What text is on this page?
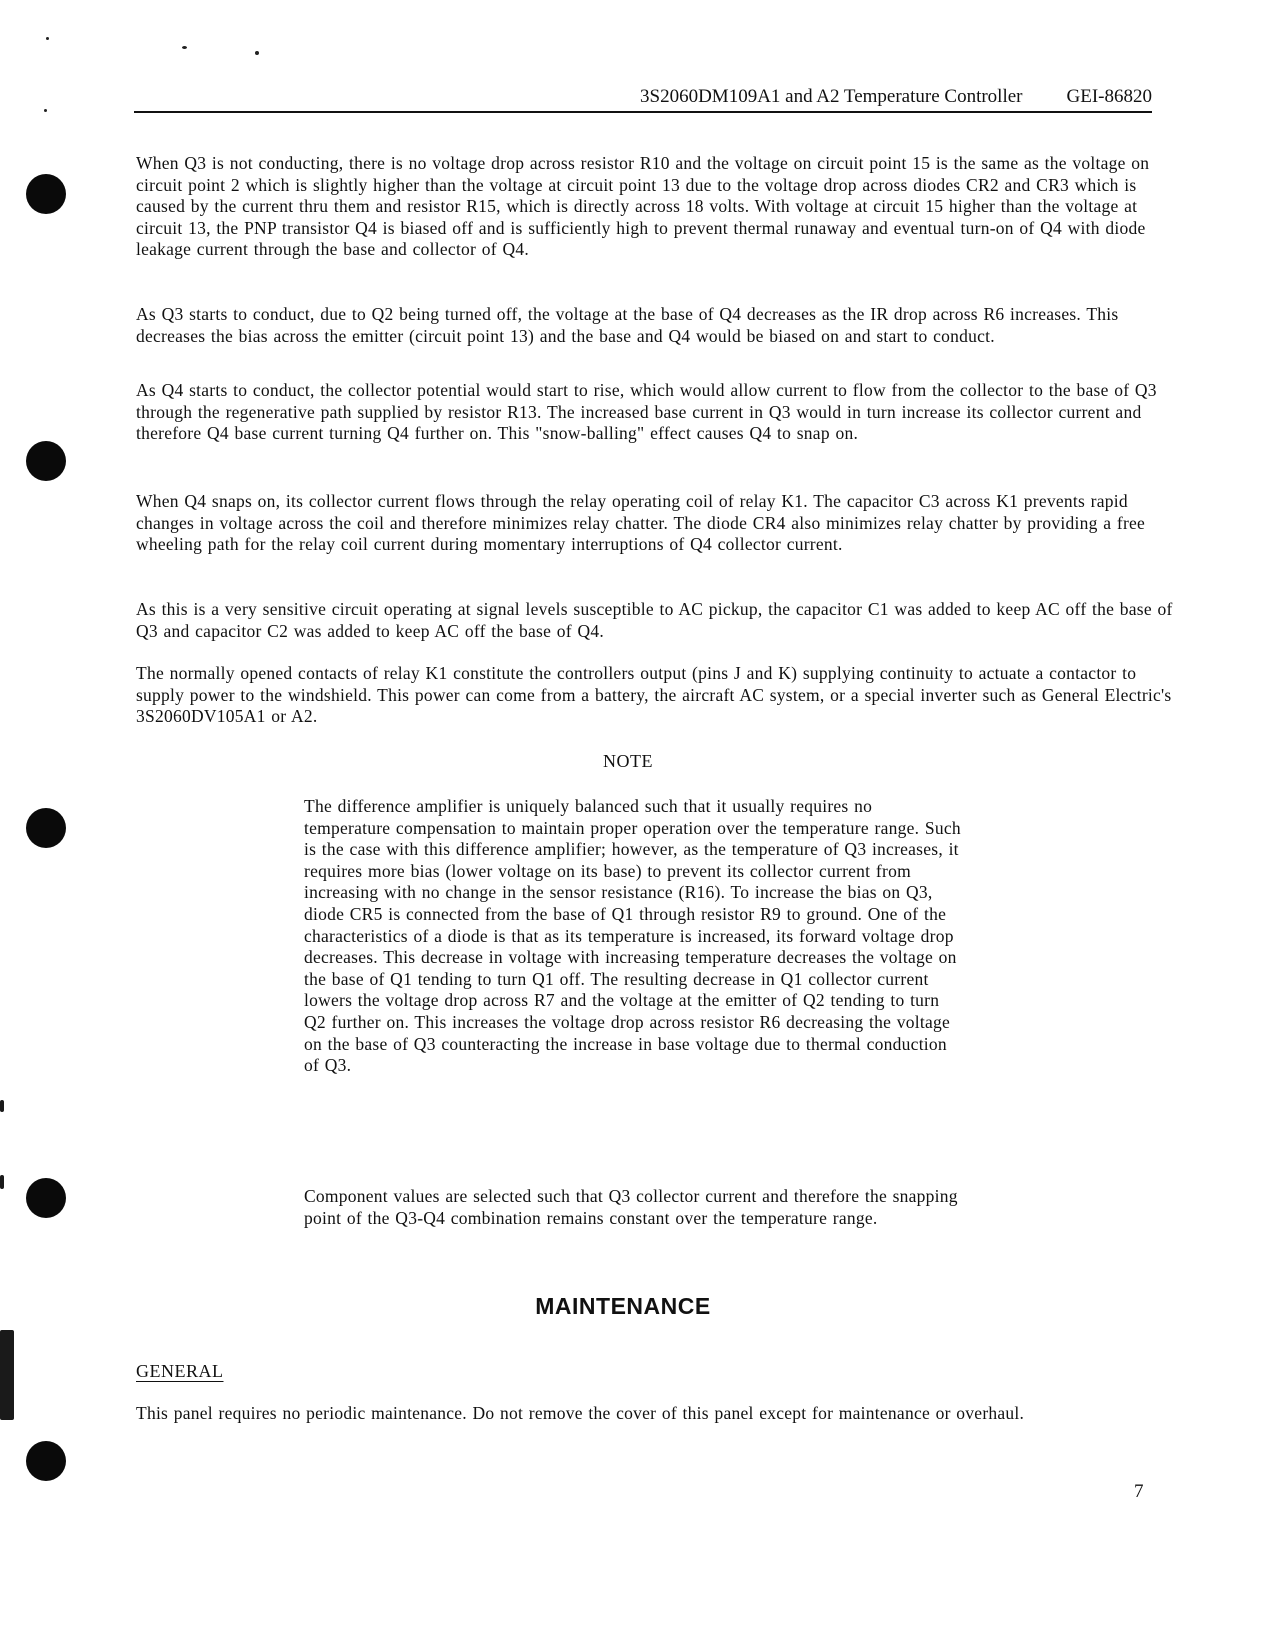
3S2060DM109A1 and A2 Temperature Controller GEI-86820

When Q3 is not conducting, there is no voltage drop across resistor R10 and the voltage on circuit point 15 is the same as the voltage on circuit point 2 which is slightly higher than the voltage at circuit point 13 due to the voltage drop across diodes CR2 and CR3 which is caused by the current thru them and resistor R15, which is directly across 18 volts. With voltage at circuit 15 higher than the voltage at circuit 13, the PNP transistor Q4 is biased off and is sufficiently high to prevent thermal runaway and eventual turn-on of Q4 with diode leakage current through the base and collector of Q4.

As Q3 starts to conduct, due to Q2 being turned off, the voltage at the base of Q4 decreases as the IR drop across R6 increases. This decreases the bias across the emitter (circuit point 13) and the base and Q4 would be biased on and start to conduct.

As Q4 starts to conduct, the collector potential would start to rise, which would allow current to flow from the collector to the base of Q3 through the regenerative path supplied by resistor R13. The increased base current in Q3 would in turn increase its collector current and therefore Q4 base current turning Q4 further on. This "snow-balling" effect causes Q4 to snap on.

When Q4 snaps on, its collector current flows through the relay operating coil of relay K1. The capacitor C3 across K1 prevents rapid changes in voltage across the coil and therefore minimizes relay chatter. The diode CR4 also minimizes relay chatter by providing a free wheeling path for the relay coil current during momentary interruptions of Q4 collector current.

As this is a very sensitive circuit operating at signal levels susceptible to AC pickup, the capacitor C1 was added to keep AC off the base of Q3 and capacitor C2 was added to keep AC off the base of Q4.

The normally opened contacts of relay K1 constitute the controllers output (pins J and K) supplying continuity to actuate a contactor to supply power to the windshield. This power can come from a battery, the aircraft AC system, or a special inverter such as General Electric's 3S2060DV105A1 or A2.

NOTE

The difference amplifier is uniquely balanced such that it usually requires no temperature compensation to maintain proper operation over the temperature range. Such is the case with this difference amplifier; however, as the temperature of Q3 increases, it requires more bias (lower voltage on its base) to prevent its collector current from increasing with no change in the sensor resistance (R16). To increase the bias on Q3, diode CR5 is connected from the base of Q1 through resistor R9 to ground. One of the characteristics of a diode is that as its temperature is increased, its forward voltage drop decreases. This decrease in voltage with increasing temperature decreases the voltage on the base of Q1 tending to turn Q1 off. The resulting decrease in Q1 collector current lowers the voltage drop across R7 and the voltage at the emitter of Q2 tending to turn Q2 further on. This increases the voltage drop across resistor R6 decreasing the voltage on the base of Q3 counteracting the increase in base voltage due to thermal conduction of Q3.

Component values are selected such that Q3 collector current and therefore the snapping point of the Q3-Q4 combination remains constant over the temperature range.

MAINTENANCE
GENERAL

This panel requires no periodic maintenance. Do not remove the cover of this panel except for maintenance or overhaul.

7
